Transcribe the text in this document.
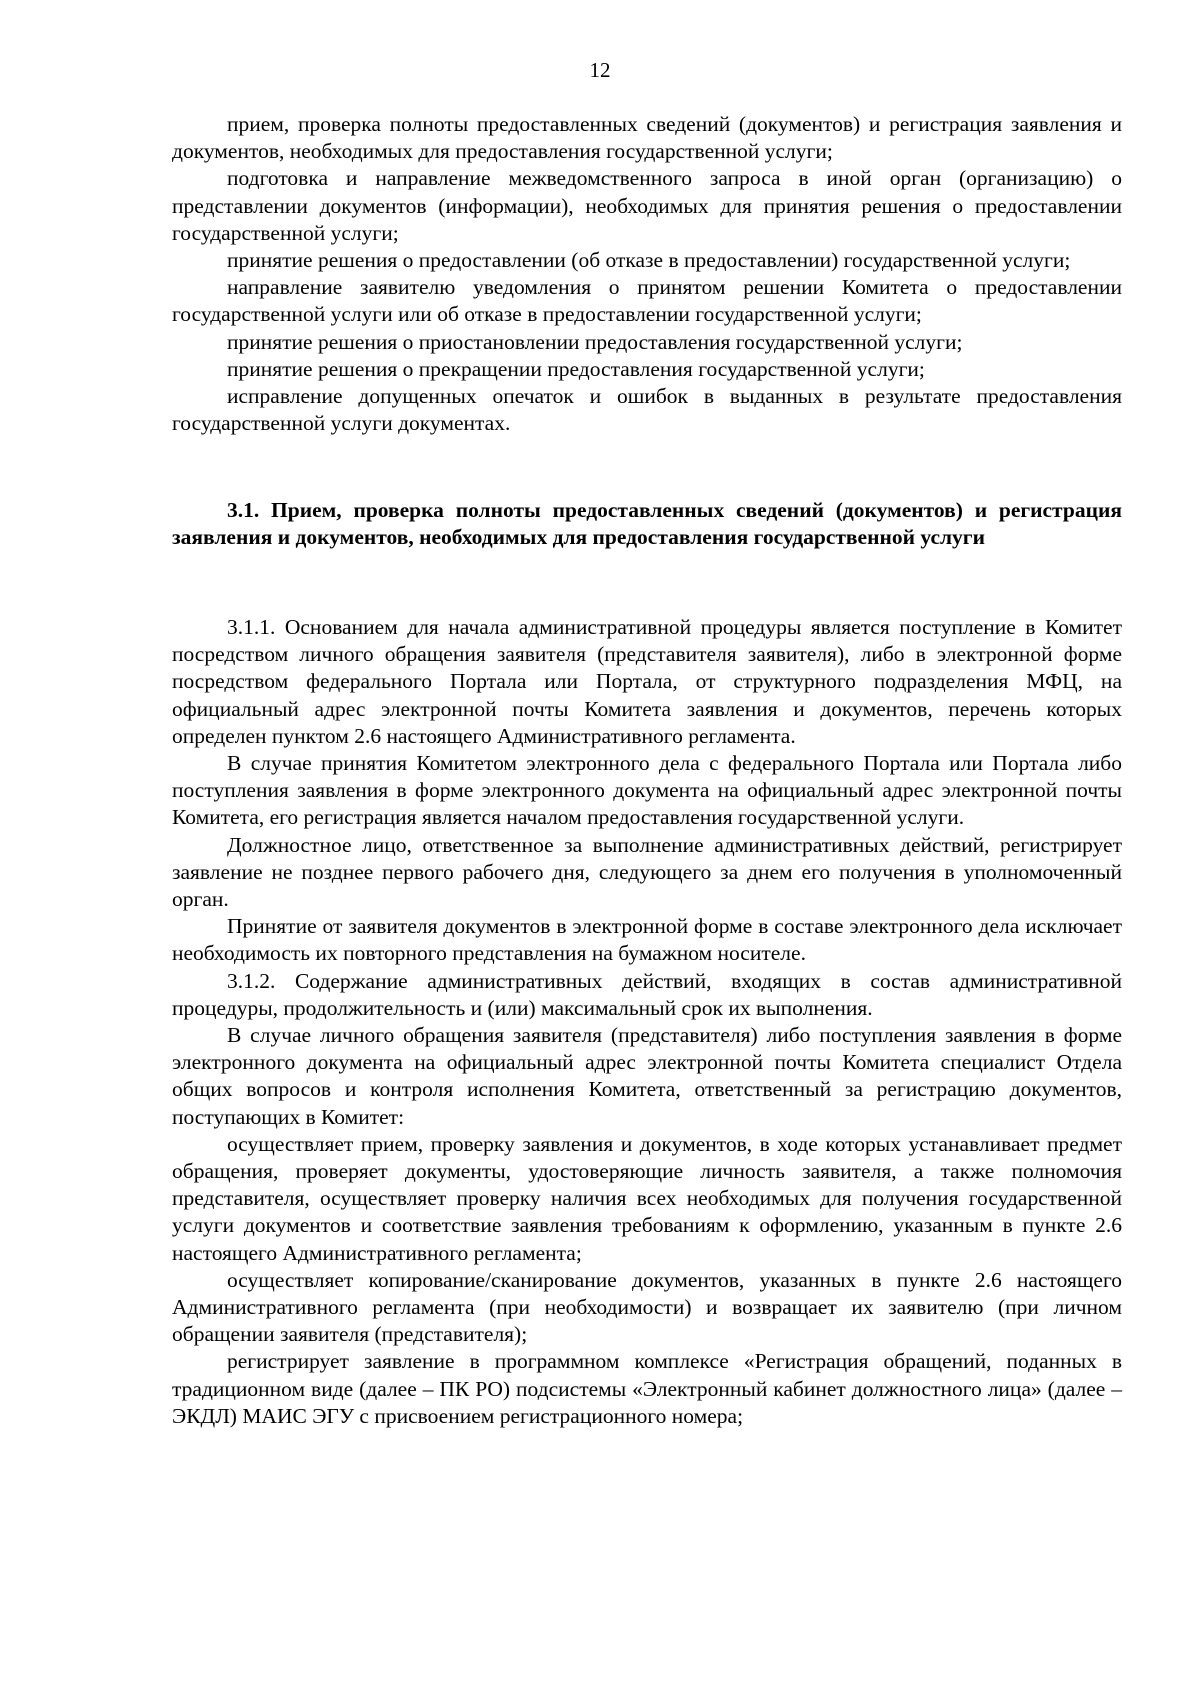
12

прием, проверка полноты предоставленных сведений (документов) и регистрация заявления и документов, необходимых для предоставления государственной услуги;

подготовка и направление межведомственного запроса в иной орган (организацию) о представлении документов (информации), необходимых для принятия решения о предоставлении государственной услуги;

принятие решения о предоставлении (об отказе в предоставлении) государственной услуги;

направление заявителю уведомления о принятом решении Комитета о предоставлении государственной услуги или об отказе в предоставлении государственной услуги;

принятие решения о приостановлении предоставления государственной услуги;

принятие решения о прекращении предоставления государственной услуги;

исправление допущенных опечаток и ошибок в выданных в результате предоставления государственной услуги документах.

3.1. Прием, проверка полноты предоставленных сведений (документов) и регистрация заявления и документов, необходимых для предоставления государственной услуги

3.1.1. Основанием для начала административной процедуры является поступление в Комитет посредством личного обращения заявителя (представителя заявителя), либо в электронной форме посредством федерального Портала или Портала, от структурного подразделения МФЦ, на официальный адрес электронной почты Комитета заявления и документов, перечень которых определен пунктом 2.6 настоящего Административного регламента.

В случае принятия Комитетом электронного дела с федерального Портала или Портала либо поступления заявления в форме электронного документа на официальный адрес электронной почты Комитета, его регистрация является началом предоставления государственной услуги.

Должностное лицо, ответственное за выполнение административных действий, регистрирует заявление не позднее первого рабочего дня, следующего за днем его получения в уполномоченный орган.

Принятие от заявителя документов в электронной форме в составе электронного дела исключает необходимость их повторного представления на бумажном носителе.

3.1.2. Содержание административных действий, входящих в состав административной процедуры, продолжительность и (или) максимальный срок их выполнения.

В случае личного обращения заявителя (представителя) либо поступления заявления в форме электронного документа на официальный адрес электронной почты Комитета специалист Отдела общих вопросов и контроля исполнения Комитета, ответственный за регистрацию документов, поступающих в Комитет:

осуществляет прием, проверку заявления и документов, в ходе которых устанавливает предмет обращения, проверяет документы, удостоверяющие личность заявителя, а также полномочия представителя, осуществляет проверку наличия всех необходимых для получения государственной услуги документов и соответствие заявления требованиям к оформлению, указанным в пункте 2.6 настоящего Административного регламента;

осуществляет копирование/сканирование документов, указанных в пункте 2.6 настоящего Административного регламента (при необходимости) и возвращает их заявителю (при личном обращении заявителя (представителя);

регистрирует заявление в программном комплексе «Регистрация обращений, поданных в традиционном виде (далее – ПК РО) подсистемы «Электронный кабинет должностного лица» (далее – ЭКДЛ) МАИС ЭГУ с присвоением регистрационного номера;
